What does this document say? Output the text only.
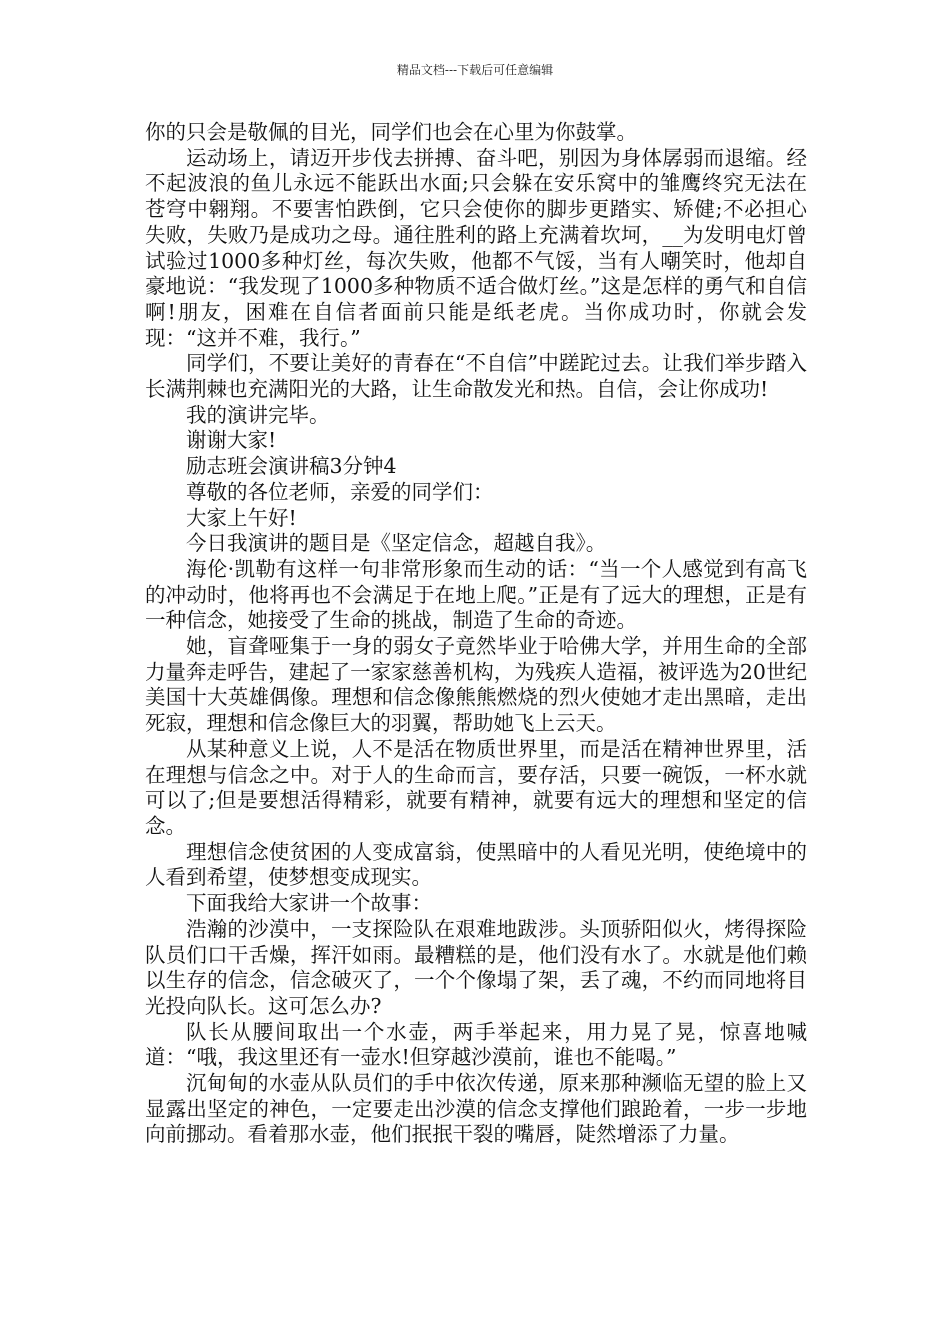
精品文档---下载后可任意编辑

你的只会是敬佩的目光，同学们也会在心里为你鼓掌。

运动场上，请迈开步伐去拼搏、奋斗吧，别因为身体孱弱而退缩。经不起波浪的鱼儿永远不能跃出水面;只会躲在安乐窝中的雏鹰终究无法在苍穹中翱翔。不要害怕跌倒，它只会使你的脚步更踏实、矫健;不必担心失败，失败乃是成功之母。通往胜利的路上充满着坎坷，__为发明电灯曾试验过1000多种灯丝，每次失败，他都不气馁，当有人嘲笑时，他却自豪地说：“我发现了1000多种物质不适合做灯丝。”这是怎样的勇气和自信啊!朋友，困难在自信者面前只能是纸老虎。当你成功时，你就会发现：“这并不难，我行。”

同学们，不要让美好的青春在“不自信”中蹉跎过去。让我们举步踏入长满荆棘也充满阳光的大路，让生命散发光和热。自信，会让你成功!

我的演讲完毕。

谢谢大家!

励志班会演讲稿3分钟4

尊敬的各位老师，亲爱的同学们：

大家上午好!

今日我演讲的题目是《坚定信念，超越自我》。

海伦·凯勒有这样一句非常形象而生动的话：“当一个人感觉到有高飞的冲动时，他将再也不会满足于在地上爬。”正是有了远大的理想，正是有一种信念，她接受了生命的挑战，制造了生命的奇迹。

她，盲聋哑集于一身的弱女子竟然毕业于哈佛大学，并用生命的全部力量奔走呼告，建起了一家家慈善机构，为残疾人造福，被评选为20世纪美国十大英雄偶像。理想和信念像熊熊燃烧的烈火使她才走出黑暗，走出死寂，理想和信念像巨大的羽翼，帮助她飞上云天。

从某种意义上说，人不是活在物质世界里，而是活在精神世界里，活在理想与信念之中。对于人的生命而言，要存活，只要一碗饭，一杯水就可以了;但是要想活得精彩，就要有精神，就要有远大的理想和坚定的信念。

理想信念使贫困的人变成富翁，使黑暗中的人看见光明，使绝境中的人看到希望，使梦想变成现实。

下面我给大家讲一个故事：

浩瀚的沙漠中，一支探险队在艰难地跋涉。头顶骄阳似火，烤得探险队员们口干舌燥，挥汗如雨。最糟糕的是，他们没有水了。水就是他们赖以生存的信念，信念破灭了，一个个像塌了架，丢了魂，不约而同地将目光投向队长。这可怎么办?

队长从腰间取出一个水壶，两手举起来，用力晃了晃，惊喜地喊道：“哦，我这里还有一壶水!但穿越沙漠前，谁也不能喝。”

沉甸甸的水壶从队员们的手中依次传递，原来那种濒临无望的脸上又显露出坚定的神色，一定要走出沙漠的信念支撑他们踉跄着，一步一步地向前挪动。看着那水壶，他们抿抿干裂的嘴唇，陡然增添了力量。
